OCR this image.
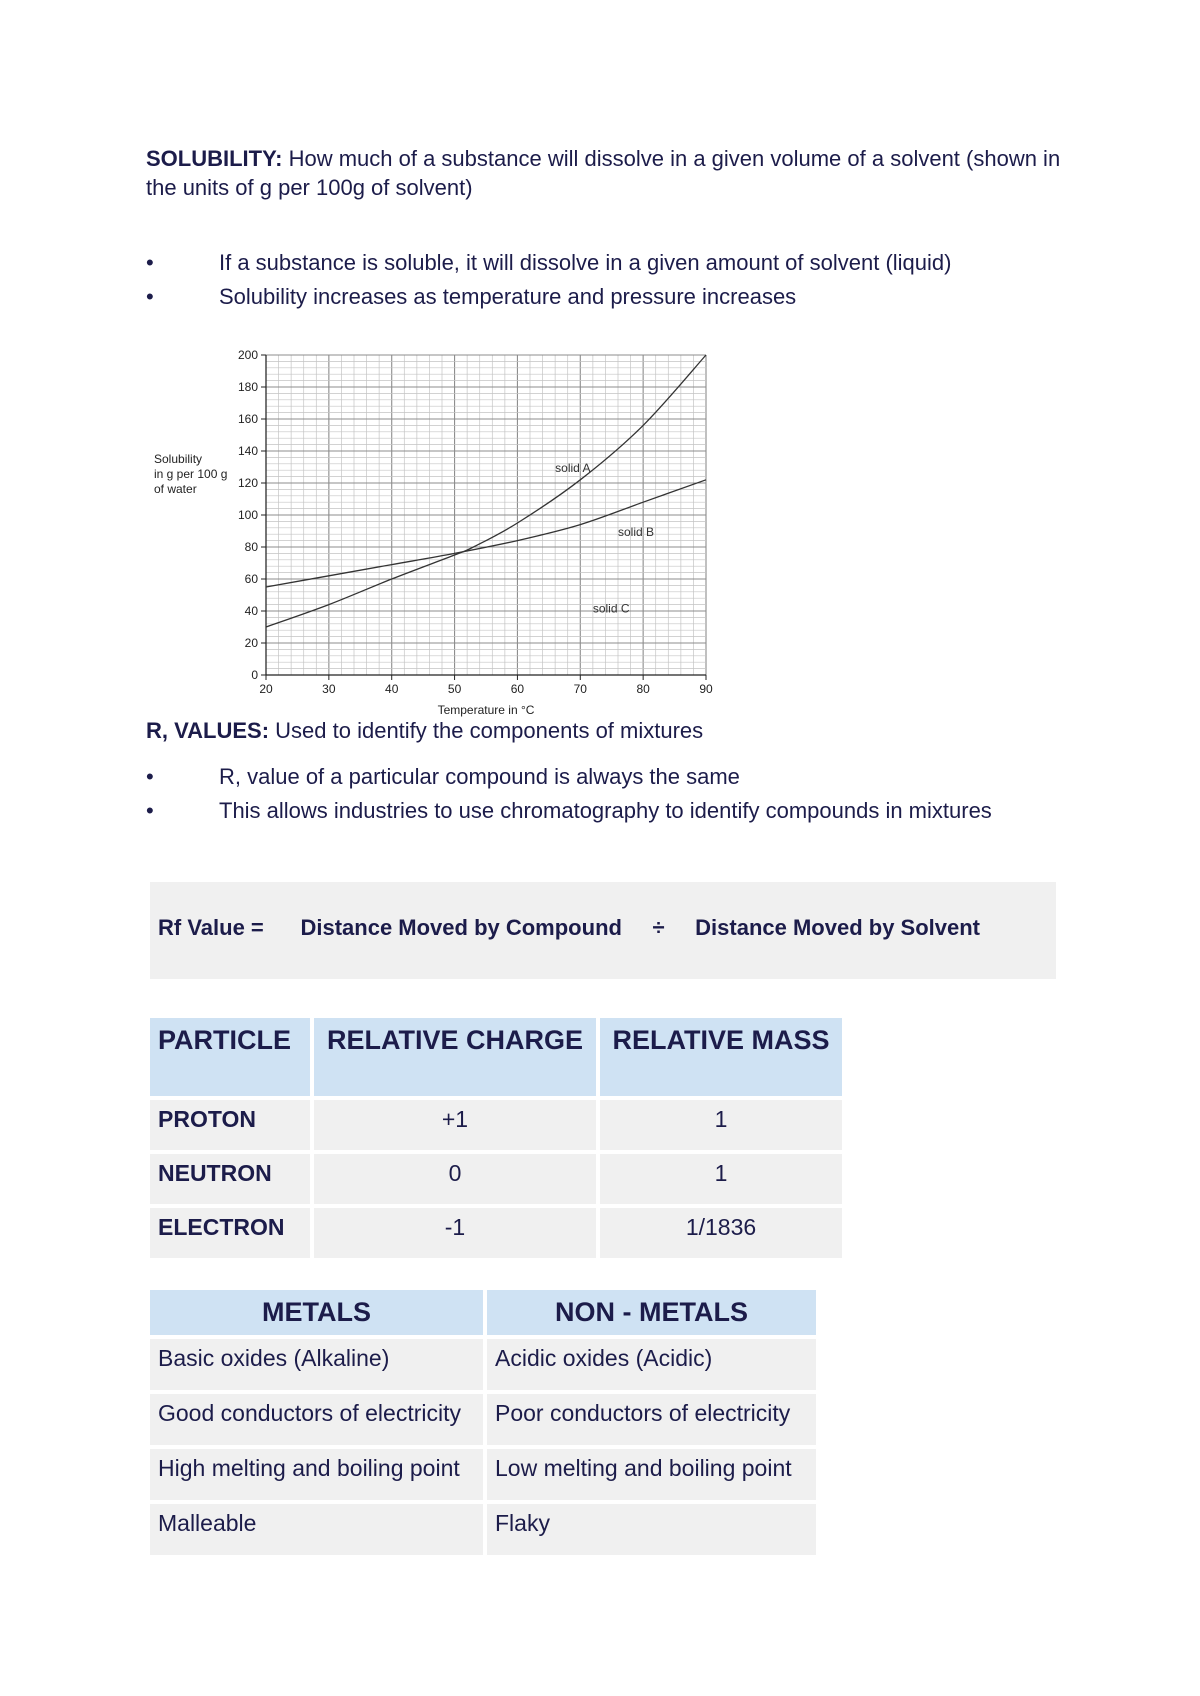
SOLUBILITY: How much of a substance will dissolve in a given volume of a solvent (shown in the units of g per 100g of solvent)
•	If a substance is soluble, it will dissolve in a given amount of solvent (liquid)
•	Solubility increases as temperature and pressure increases
20	30	40	50	60	70	80	90
0
20
40
60
80
100
120
140
160
180
200
Temperature in °C
Solubility
in g per 100 g
of water
solid A
solid B
solid C
R, VALUES: Used to identify the components of mixtures
•	R, value of a particular compound is always the same
•	This allows industries to use chromatography to identify compounds in mixtures
Rf Value = Distance Moved by Compound ÷ Distance Moved by Solvent
PARTICLE	RELATIVE CHARGE	RELATIVE MASS
PROTON	+1	1
NEUTRON	0	1
ELECTRON	-1	1/1836
METALS	NON - METALS
Basic oxides (Alkaline)	Acidic oxides (Acidic)
Good conductors of electricity	Poor conductors of electricity
High melting and boiling point	Low melting and boiling point
Malleable	Flaky
